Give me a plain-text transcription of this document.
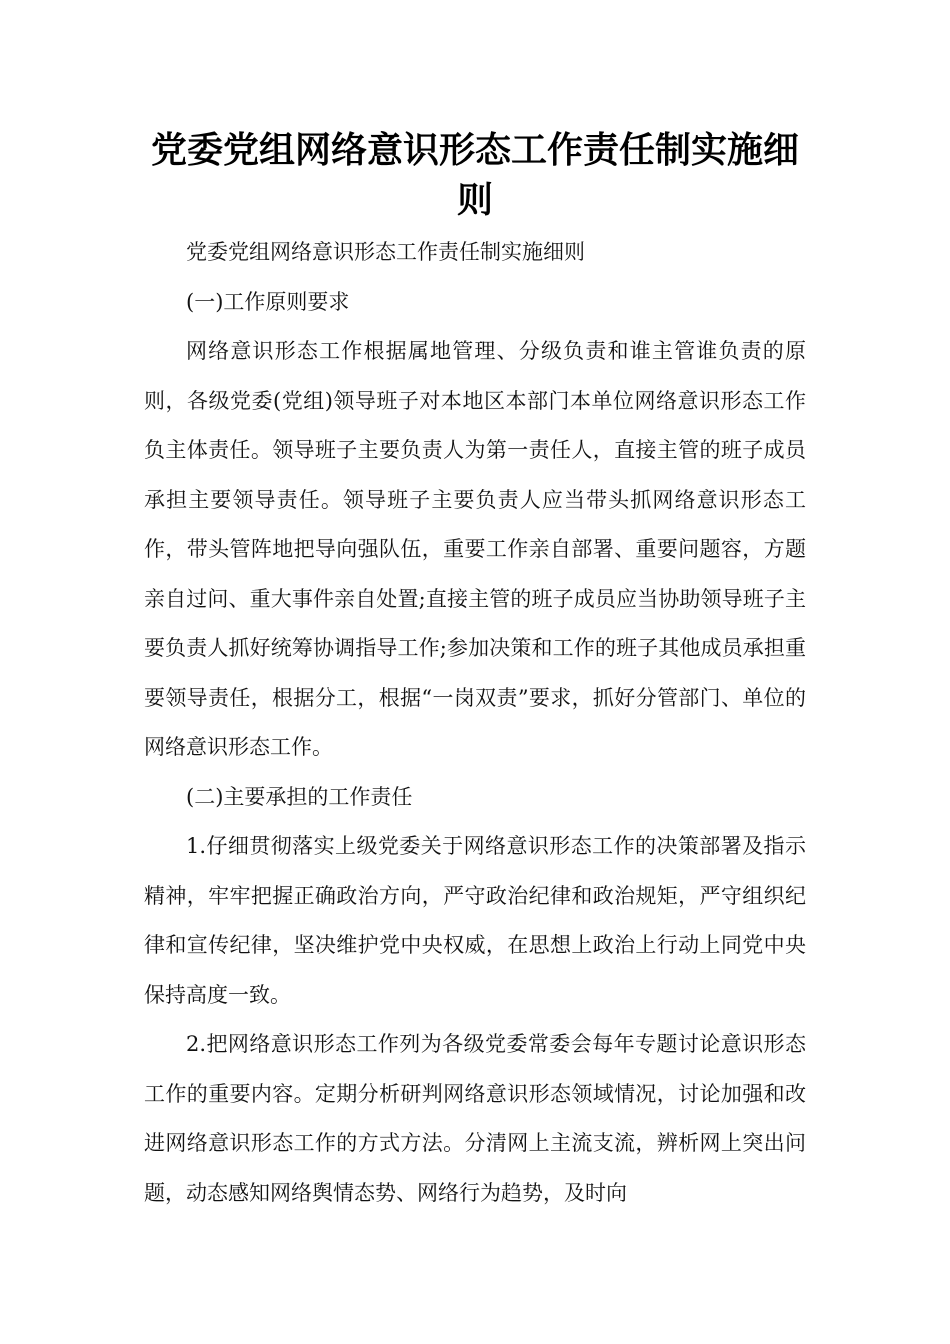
党委党组网络意识形态工作责任制实施细则

党委党组网络意识形态工作责任制实施细则

(一)工作原则要求

网络意识形态工作根据属地管理、分级负责和谁主管谁负责的原则，各级党委(党组)领导班子对本地区本部门本单位网络意识形态工作负主体责任。领导班子主要负责人为第一责任人，直接主管的班子成员承担主要领导责任。领导班子主要负责人应当带头抓网络意识形态工作，带头管阵地把导向强队伍，重要工作亲自部署、重要问题容，方题亲自过问、重大事件亲自处置;直接主管的班子成员应当协助领导班子主要负责人抓好统筹协调指导工作;参加决策和工作的班子其他成员承担重要领导责任，根据分工，根据“一岗双责”要求，抓好分管部门、单位的网络意识形态工作。

(二)主要承担的工作责任

1.仔细贯彻落实上级党委关于网络意识形态工作的决策部署及指示精神，牢牢把握正确政治方向，严守政治纪律和政治规矩，严守组织纪律和宣传纪律，坚决维护党中央权威，在思想上政治上行动上同党中央保持高度一致。

2.把网络意识形态工作列为各级党委常委会每年专题讨论意识形态工作的重要内容。定期分析研判网络意识形态领域情况，讨论加强和改进网络意识形态工作的方式方法。分清网上主流支流，辨析网上突出问题，动态感知网络舆情态势、网络行为趋势，及时向
